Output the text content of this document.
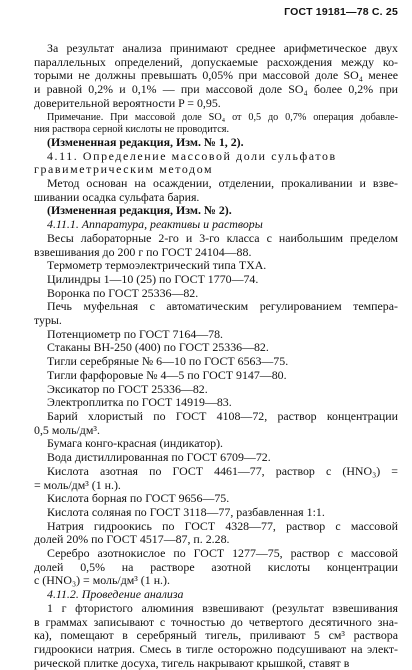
ГОСТ 19181—78 С. 25
За результат анализа принимают среднее арифметическое двух
параллельных определений, допускаемые расхождения между ко-
торыми не должны превышать 0,05% при массовой доле SO₄ менее
и равной 0,2% и 0,1% — при массовой доле SO₄ более 0,2% при
доверительной вероятности P = 0,95.
Примечание. При массовой доле SO₄ от 0,5 до 0,7% операция добавле-
ния раствора серной кислоты не проводится.
(Измененная редакция, Изм. № 1, 2).
4.11. Определение массовой доли сульфатов
гравиметрическим методом
Метод основан на осаждении, отделении, прокаливании и взве-
шивании осадка сульфата бария.
(Измененная редакция, Изм. № 2).
4.11.1. Аппаратура, реактивы и растворы
Весы лабораторные 2-го и 3-го класса с наибольшим пределом
взвешивания до 200 г по ГОСТ 24104—88.
Термометр термоэлектрический типа ТХА.
Цилиндры 1—10 (25) по ГОСТ 1770—74.
Воронка по ГОСТ 25336—82.
Печь муфельная с автоматическим регулированием темпера-
туры.
Потенциометр по ГОСТ 7164—78.
Стаканы ВН-250 (400) по ГОСТ 25336—82.
Тигли серебряные № 6—10 по ГОСТ 6563—75.
Тигли фарфоровые № 4—5 по ГОСТ 9147—80.
Эксикатор по ГОСТ 25336—82.
Электроплитка по ГОСТ 14919—83.
Барий хлористый по ГОСТ 4108—72, раствор концентрации
0,5 моль/дм³.
Бумага конго-красная (индикатор).
Вода дистиллированная по ГОСТ 6709—72.
Кислота азотная по ГОСТ 4461—77, раствор c (HNO₃) =
= моль/дм³ (1 н.).
Кислота борная по ГОСТ 9656—75.
Кислота соляная по ГОСТ 3118—77, разбавленная 1:1.
Натрия гидроокись по ГОСТ 4328—77, раствор с массовой
долей 20% по ГОСТ 4517—87, п. 2.28.
Серебро азотнокислое по ГОСТ 1277—75, раствор с массовой
долей 0,5% на растворе азотной кислоты концентрации
c (HNO₃) = моль/дм³ (1 н.).
4.11.2. Проведение анализа
1 г фтористого алюминия взвешивают (результат взвешивания
в граммах записывают с точностью до четвертого десятичного зна-
ка), помещают в серебряный тигель, приливают 5 см³ раствора
гидроокиси натрия. Смесь в тигле осторожно подсушивают на элект-
рической плитке досуха, тигель накрывают крышкой, ставят в
